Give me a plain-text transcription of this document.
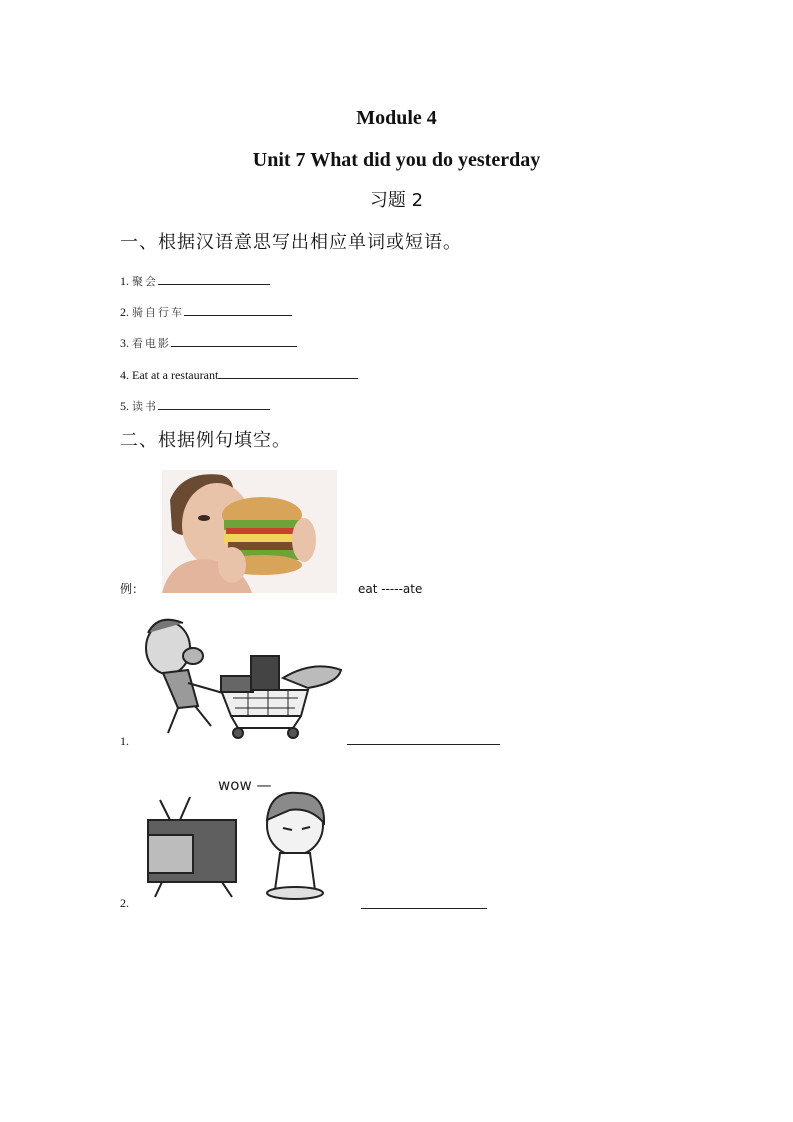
Module 4
Unit 7 What did you do yesterday
习题 2
一、根据汉语意思写出相应单词或短语。
1. 聚会
2. 骑自行车
3. 看电影
4. Eat at a restaurant
5. 读书
二、根据例句填空。
例：	eat -----ate
1.
wow —
2.
